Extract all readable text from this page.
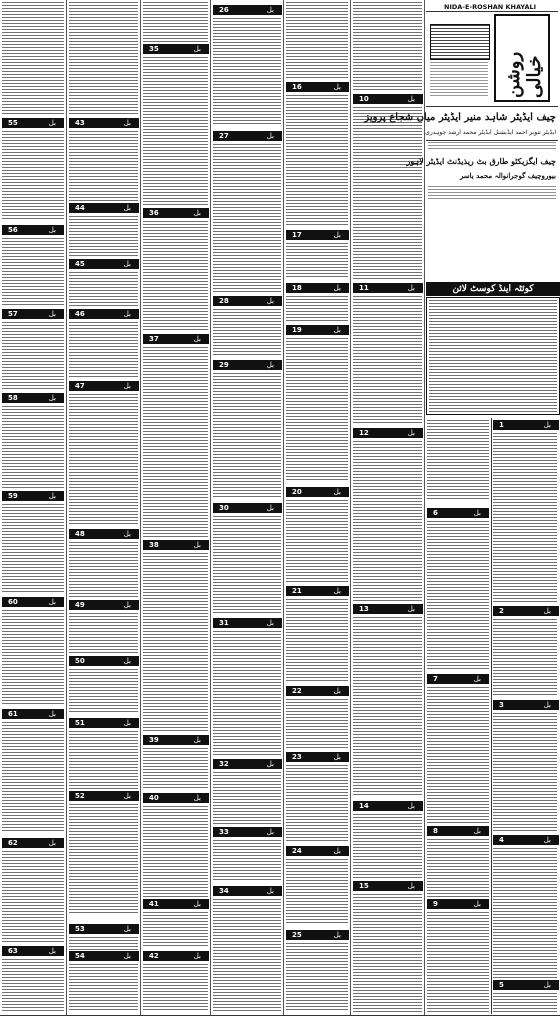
55	بل
56	بل
57	بل
58	بل
59	بل
60	بل
61	بل
62	بل
63	بل
43	بل
44	بل
45	بل
46	بل
47	بل
48	بل
49	بل
50	بل
51	بل
52	بل
53	بل
54	بل
35	بل
36	بل
37	بل
38	بل
39	بل
40	بل
41	بل
42	بل
26	بل
27	بل
28	بل
29	بل
30	بل
31	بل
32	بل
33	بل
34	بل
16	بل
17	بل
18	بل
19	بل
20	بل
21	بل
22	بل
23	بل
24	بل
25	بل
10	بل
11	بل
12	بل
13	بل
14	بل
15	بل
6	بل
7	بل
8	بل
9	بل
1	بل
2	بل
3	بل
4	بل
5	بل
NIDA-E-ROSHAN KHAYALI
روشن خیالی
چیف ایڈیٹر شاہد منیر ایڈیٹر میاں شجاع پرویز
ایڈیٹر تنویر احمد ایڈیشنل ایڈیٹر محمد ارشد چوہدری
چیف ایگزیکٹو طارق بٹ ریذیڈنٹ ایڈیٹر لاہور
بیوروچیف گوجرانوالہ محمد یاسر
کوئٹہ اینڈ کوسٹ لائن
